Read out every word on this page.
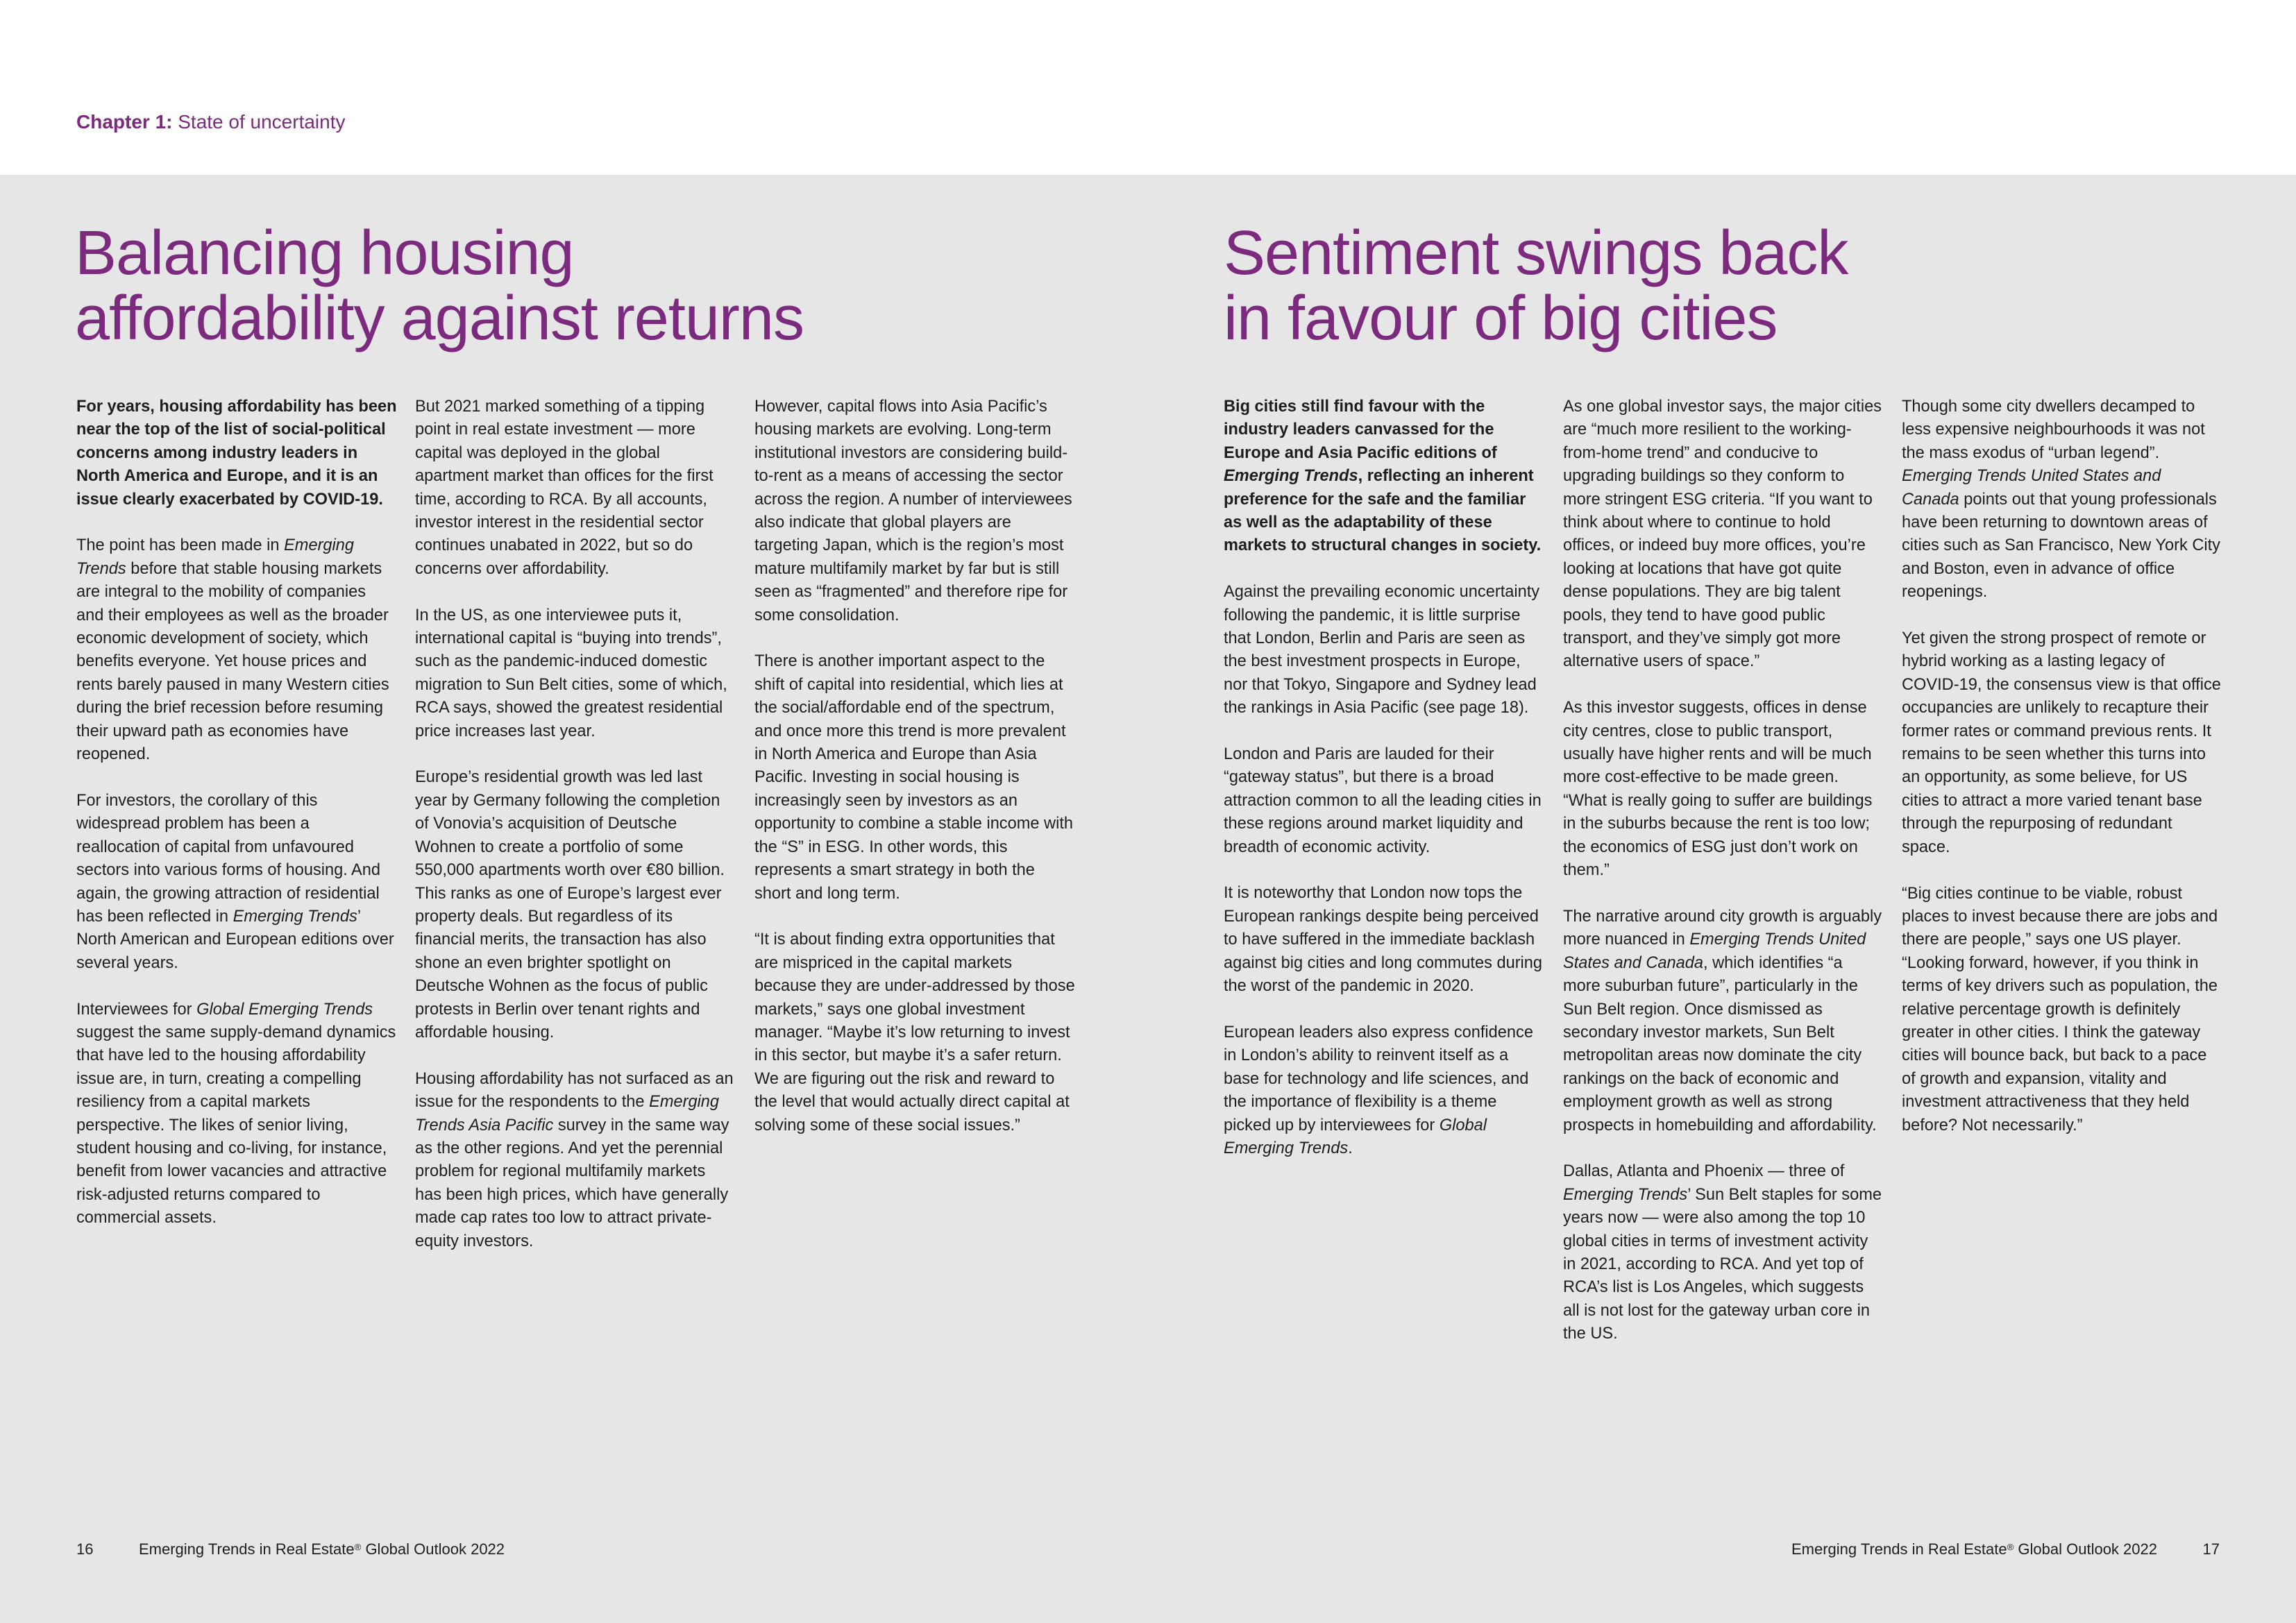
Chapter 1: State of uncertainty
Balancing housing
affordability against returns
Sentiment swings back
in favour of big cities

For years, housing affordability has been near the top of the list of social-political concerns among industry leaders in North America and Europe, and it is an issue clearly exacerbated by COVID-19.

The point has been made in Emerging Trends before that stable housing markets are integral to the mobility of companies and their employees as well as the broader economic development of society, which benefits everyone. Yet house prices and rents barely paused in many Western cities during the brief recession before resuming their upward path as economies have reopened.

For investors, the corollary of this widespread problem has been a reallocation of capital from unfavoured sectors into various forms of housing. And again, the growing attraction of residential has been reflected in Emerging Trends’ North American and European editions over several years.

Interviewees for Global Emerging Trends suggest the same supply-demand dynamics that have led to the housing affordability issue are, in turn, creating a compelling resiliency from a capital markets perspective. The likes of senior living, student housing and co-living, for instance, benefit from lower vacancies and attractive risk-adjusted returns compared to commercial assets.

But 2021 marked something of a tipping point in real estate investment — more capital was deployed in the global apartment market than offices for the first time, according to RCA. By all accounts, investor interest in the residential sector continues unabated in 2022, but so do concerns over affordability.

In the US, as one interviewee puts it, international capital is “buying into trends”, such as the pandemic-induced domestic migration to Sun Belt cities, some of which, RCA says, showed the greatest residential price increases last year.

Europe’s residential growth was led last year by Germany following the completion of Vonovia’s acquisition of Deutsche Wohnen to create a portfolio of some 550,000 apartments worth over €80 billion. This ranks as one of Europe’s largest ever property deals. But regardless of its financial merits, the transaction has also shone an even brighter spotlight on Deutsche Wohnen as the focus of public protests in Berlin over tenant rights and affordable housing.

Housing affordability has not surfaced as an issue for the respondents to the Emerging Trends Asia Pacific survey in the same way as the other regions. And yet the perennial problem for regional multifamily markets has been high prices, which have generally made cap rates too low to attract private-equity investors.

However, capital flows into Asia Pacific’s housing markets are evolving. Long-term institutional investors are considering build-to-rent as a means of accessing the sector across the region. A number of interviewees also indicate that global players are targeting Japan, which is the region’s most mature multifamily market by far but is still seen as “fragmented” and therefore ripe for some consolidation.

There is another important aspect to the shift of capital into residential, which lies at the social/affordable end of the spectrum, and once more this trend is more prevalent in North America and Europe than Asia Pacific. Investing in social housing is increasingly seen by investors as an opportunity to combine a stable income with the “S” in ESG. In other words, this represents a smart strategy in both the short and long term.

“It is about finding extra opportunities that are mispriced in the capital markets because they are under-addressed by those markets,” says one global investment manager. “Maybe it’s low returning to invest in this sector, but maybe it’s a safer return. We are figuring out the risk and reward to the level that would actually direct capital at solving some of these social issues.”

Big cities still find favour with the industry leaders canvassed for the Europe and Asia Pacific editions of Emerging Trends, reflecting an inherent preference for the safe and the familiar as well as the adaptability of these markets to structural changes in society.

Against the prevailing economic uncertainty following the pandemic, it is little surprise that London, Berlin and Paris are seen as the best investment prospects in Europe, nor that Tokyo, Singapore and Sydney lead the rankings in Asia Pacific (see page 18).

London and Paris are lauded for their “gateway status”, but there is a broad attraction common to all the leading cities in these regions around market liquidity and breadth of economic activity.

It is noteworthy that London now tops the European rankings despite being perceived to have suffered in the immediate backlash against big cities and long commutes during the worst of the pandemic in 2020.

European leaders also express confidence in London’s ability to reinvent itself as a base for technology and life sciences, and the importance of flexibility is a theme picked up by interviewees for Global Emerging Trends.

As one global investor says, the major cities are “much more resilient to the working-from-home trend” and conducive to upgrading buildings so they conform to more stringent ESG criteria. “If you want to think about where to continue to hold offices, or indeed buy more offices, you’re looking at locations that have got quite dense populations. They are big talent pools, they tend to have good public transport, and they’ve simply got more alternative users of space.”

As this investor suggests, offices in dense city centres, close to public transport, usually have higher rents and will be much more cost-effective to be made green. “What is really going to suffer are buildings in the suburbs because the rent is too low; the economics of ESG just don’t work on them.”

The narrative around city growth is arguably more nuanced in Emerging Trends United States and Canada, which identifies “a more suburban future”, particularly in the Sun Belt region. Once dismissed as secondary investor markets, Sun Belt metropolitan areas now dominate the city rankings on the back of economic and employment growth as well as strong prospects in homebuilding and affordability.

Dallas, Atlanta and Phoenix — three of Emerging Trends’ Sun Belt staples for some years now — were also among the top 10 global cities in terms of investment activity in 2021, according to RCA. And yet top of RCA’s list is Los Angeles, which suggests all is not lost for the gateway urban core in the US.

Though some city dwellers decamped to less expensive neighbourhoods it was not the mass exodus of “urban legend”. Emerging Trends United States and Canada points out that young professionals have been returning to downtown areas of cities such as San Francisco, New York City and Boston, even in advance of office reopenings.

Yet given the strong prospect of remote or hybrid working as a lasting legacy of COVID-19, the consensus view is that office occupancies are unlikely to recapture their former rates or command previous rents. It remains to be seen whether this turns into an opportunity, as some believe, for US cities to attract a more varied tenant base through the repurposing of redundant space.

“Big cities continue to be viable, robust places to invest because there are jobs and there are people,” says one US player. “Looking forward, however, if you think in terms of key drivers such as population, the relative percentage growth is definitely greater in other cities. I think the gateway cities will bounce back, but back to a pace of growth and expansion, vitality and investment attractiveness that they held before? Not necessarily.”

16	Emerging Trends in Real Estate® Global Outlook 2022	Emerging Trends in Real Estate® Global Outlook 2022	17
